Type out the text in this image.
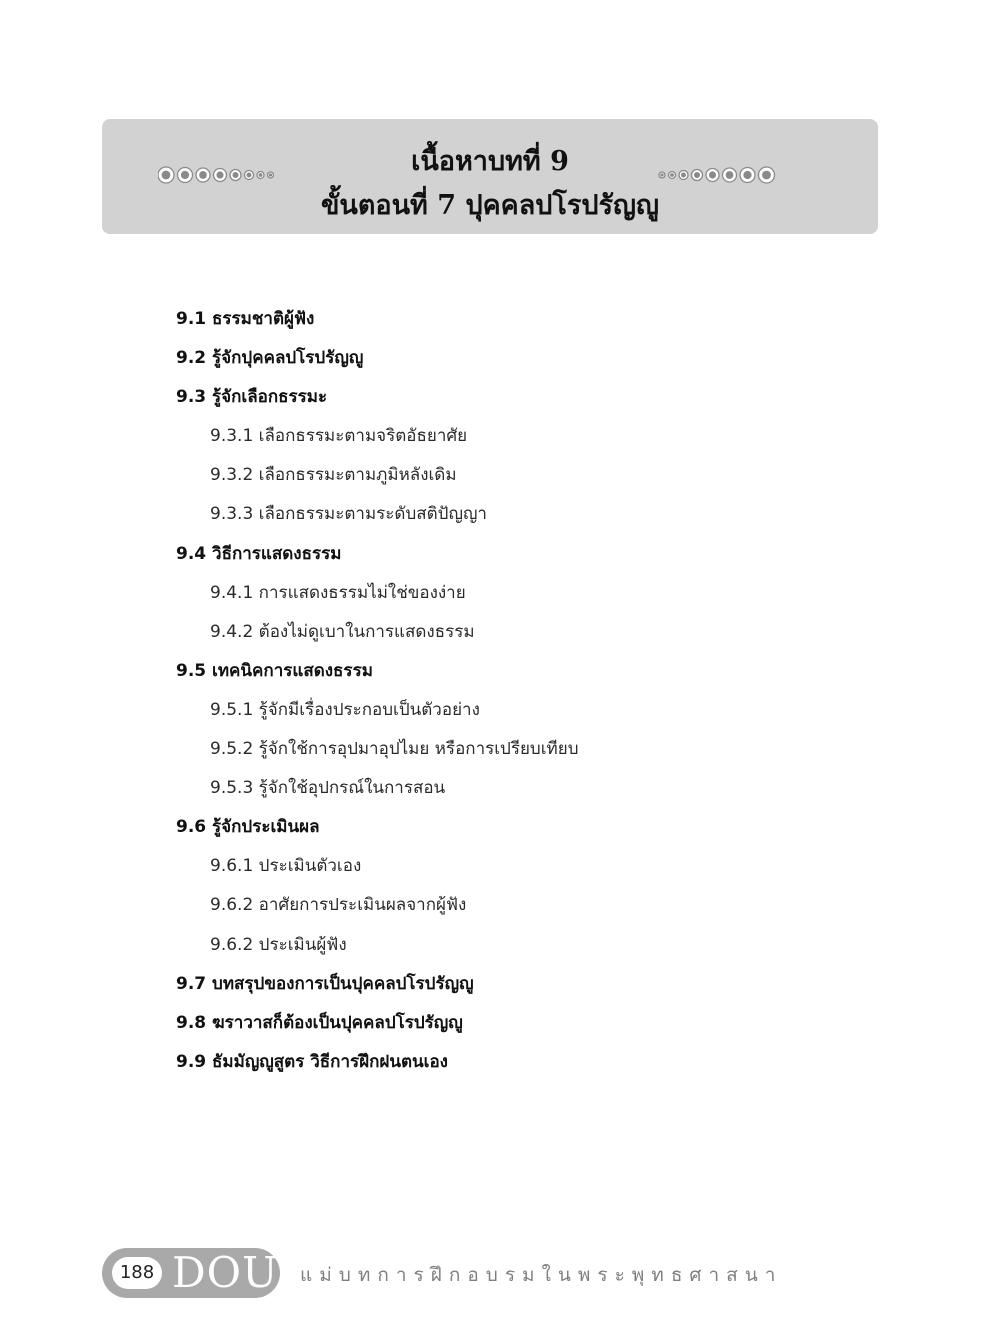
เนื้อหาบทที่ 9
ขั้นตอนที่ 7 ปุคคลปโรปรัญญู
9.1 ธรรมชาติผู้ฟัง
9.2 รู้จักปุคคลปโรปรัญญู
9.3 รู้จักเลือกธรรมะ
9.3.1 เลือกธรรมะตามจริตอัธยาศัย
9.3.2 เลือกธรรมะตามภูมิหลังเดิม
9.3.3 เลือกธรรมะตามระดับสติปัญญา
9.4 วิธีการแสดงธรรม
9.4.1 การแสดงธรรมไม่ใช่ของง่าย
9.4.2 ต้องไม่ดูเบาในการแสดงธรรม
9.5 เทคนิคการแสดงธรรม
9.5.1 รู้จักมีเรื่องประกอบเป็นตัวอย่าง
9.5.2 รู้จักใช้การอุปมาอุปไมย หรือการเปรียบเทียบ
9.5.3 รู้จักใช้อุปกรณ์ในการสอน
9.6 รู้จักประเมินผล
9.6.1 ประเมินตัวเอง
9.6.2 อาศัยการประเมินผลจากผู้ฟัง
9.6.2 ประเมินผู้ฟัง
9.7 บทสรุปของการเป็นปุคคลปโรปรัญญู
9.8 ฆราวาสก็ต้องเป็นปุคคลปโรปรัญญู
9.9 ธัมมัญญูสูตร วิธีการฝึกฝนตนเอง
188 DOU แม่บทการฝึกอบรมในพระพุทธศาสนา
